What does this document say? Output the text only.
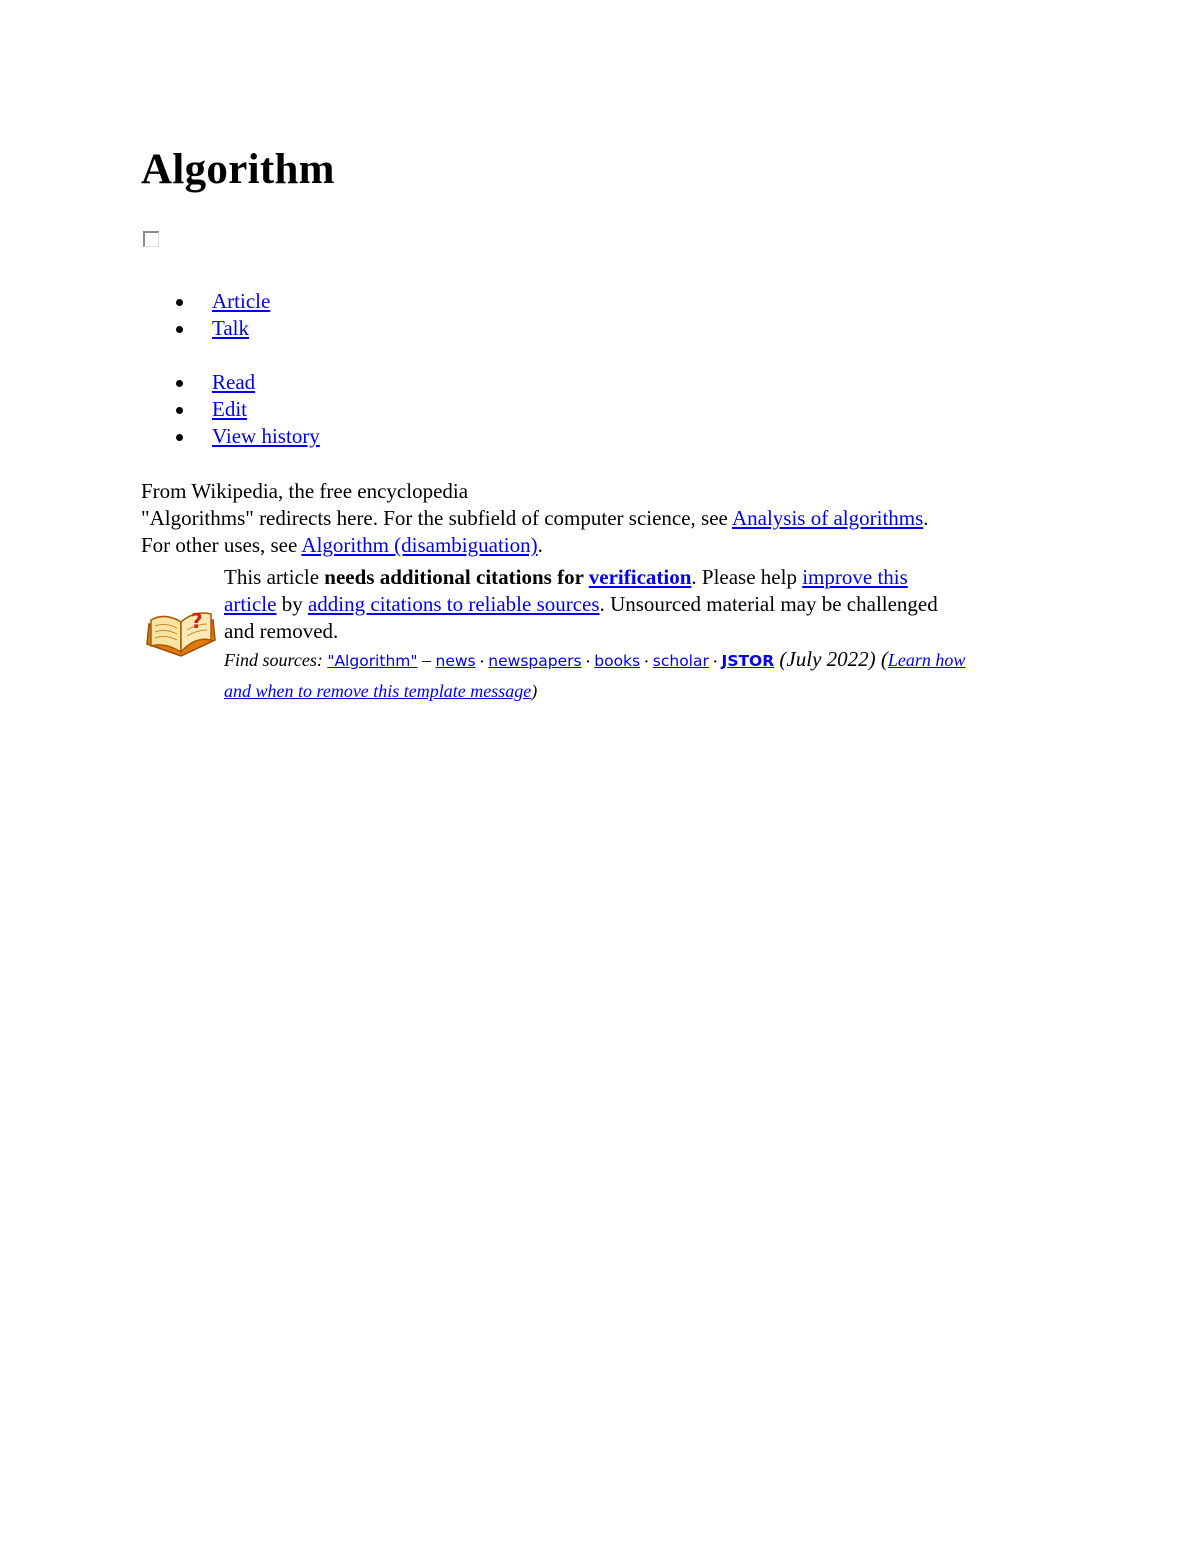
Algorithm
Article
Talk
Read
Edit
View history
From Wikipedia, the free encyclopedia
"Algorithms" redirects here. For the subfield of computer science, see Analysis of algorithms.
For other uses, see Algorithm (disambiguation).
?
This article needs additional citations for verification. Please help improve this
article by adding citations to reliable sources. Unsourced material may be challenged
and removed.
Find sources: "Algorithm" – news · newspapers · books · scholar · JSTOR (July 2022) (Learn how
and when to remove this template message)
